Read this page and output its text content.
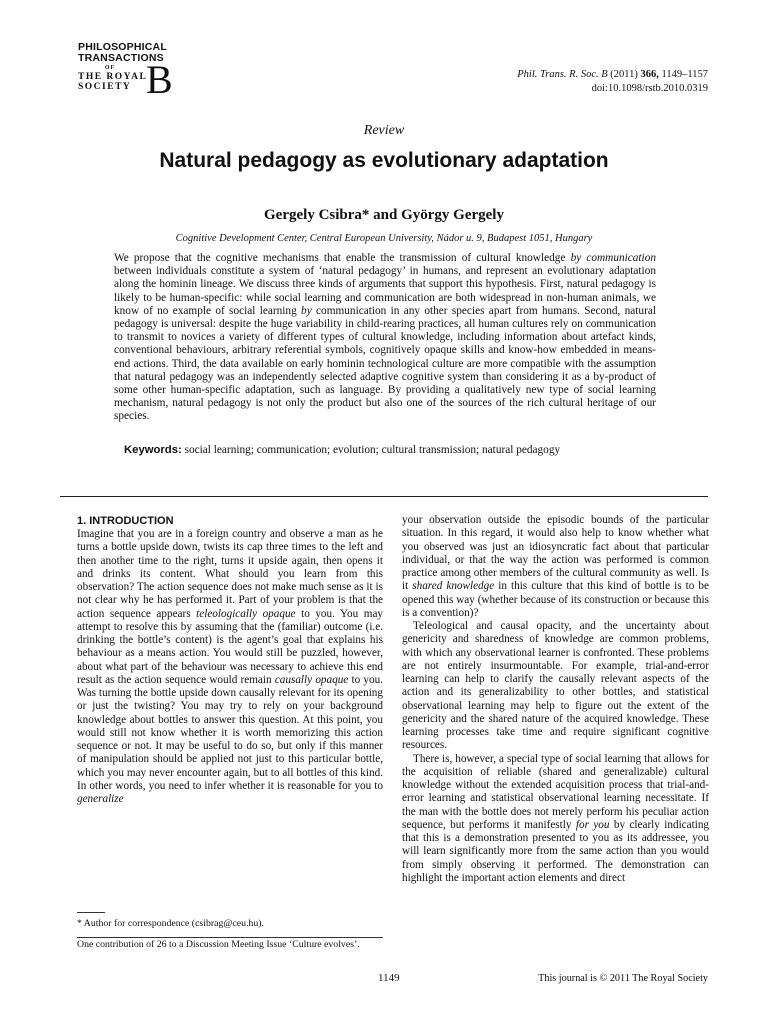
PHILOSOPHICAL
TRANSACTIONS
OF
THE ROYAL
SOCIETY B	Phil. Trans. R. Soc. B (2011) 366, 1149–1157
doi:10.1098/rstb.2010.0319
Review
Natural pedagogy as evolutionary adaptation
Gergely Csibra* and György Gergely
Cognitive Development Center, Central European University, Nádor u. 9, Budapest 1051, Hungary
We propose that the cognitive mechanisms that enable the transmission of cultural knowledge by communication between individuals constitute a system of ‘natural pedagogy’ in humans, and represent an evolutionary adaptation along the hominin lineage. We discuss three kinds of arguments that support this hypothesis. First, natural pedagogy is likely to be human-specific: while social learning and communication are both widespread in non-human animals, we know of no example of social learning by communication in any other species apart from humans. Second, natural pedagogy is universal: despite the huge variability in child-rearing practices, all human cultures rely on communication to transmit to novices a variety of different types of cultural knowledge, including information about artefact kinds, conventional behaviours, arbitrary referential symbols, cognitively opaque skills and know-how embedded in means-end actions. Third, the data available on early hominin technological culture are more compatible with the assumption that natural pedagogy was an independently selected adaptive cognitive system than considering it as a by-product of some other human-specific adaptation, such as language. By providing a qualitatively new type of social learning mechanism, natural pedagogy is not only the product but also one of the sources of the rich cultural heritage of our species.
Keywords: social learning; communication; evolution; cultural transmission; natural pedagogy
1. INTRODUCTION

Imagine that you are in a foreign country and observe a man as he turns a bottle upside down, twists its cap three times to the left and then another time to the right, turns it upside again, then opens it and drinks its content. What should you learn from this observation? The action sequence does not make much sense as it is not clear why he has performed it. Part of your problem is that the action sequence appears teleologically opaque to you. You may attempt to resolve this by assuming that the (familiar) outcome (i.e. drinking the bottle’s content) is the agent’s goal that explains his behaviour as a means action. You would still be puzzled, however, about what part of the behaviour was necessary to achieve this end result as the action sequence would remain causally opaque to you. Was turning the bottle upside down causally relevant for its opening or just the twisting? You may try to rely on your background knowledge about bottles to answer this question. At this point, you would still not know whether it is worth memorizing this action sequence or not. It may be useful to do so, but only if this manner of manipulation should be applied not just to this particular bottle, which you may never encounter again, but to all bottles of this kind. In other words, you need to infer whether it is reasonable for you to generalize

your observation outside the episodic bounds of the particular situation. In this regard, it would also help to know whether what you observed was just an idiosyncratic fact about that particular individual, or that the way the action was performed is common practice among other members of the cultural community as well. Is it shared knowledge in this culture that this kind of bottle is to be opened this way (whether because of its construction or because this is a convention)?

Teleological and causal opacity, and the uncertainty about genericity and sharedness of knowledge are common problems, with which any observational learner is confronted. These problems are not entirely insurmountable. For example, trial-and-error learning can help to clarify the causally relevant aspects of the action and its generalizability to other bottles, and statistical observational learning may help to figure out the extent of the genericity and the shared nature of the acquired knowledge. These learning processes take time and require significant cognitive resources.

There is, however, a special type of social learning that allows for the acquisition of reliable (shared and generalizable) cultural knowledge without the extended acquisition process that trial-and-error learning and statistical observational learning necessitate. If the man with the bottle does not merely perform his peculiar action sequence, but performs it manifestly for you by clearly indicating that this is a demonstration presented to you as its addressee, you will learn significantly more from the same action than you would from simply observing it performed. The demonstration can highlight the important action elements and direct

* Author for correspondence (csibrag@ceu.hu).
One contribution of 26 to a Discussion Meeting Issue ‘Culture evolves’.
1149	This journal is © 2011 The Royal Society
